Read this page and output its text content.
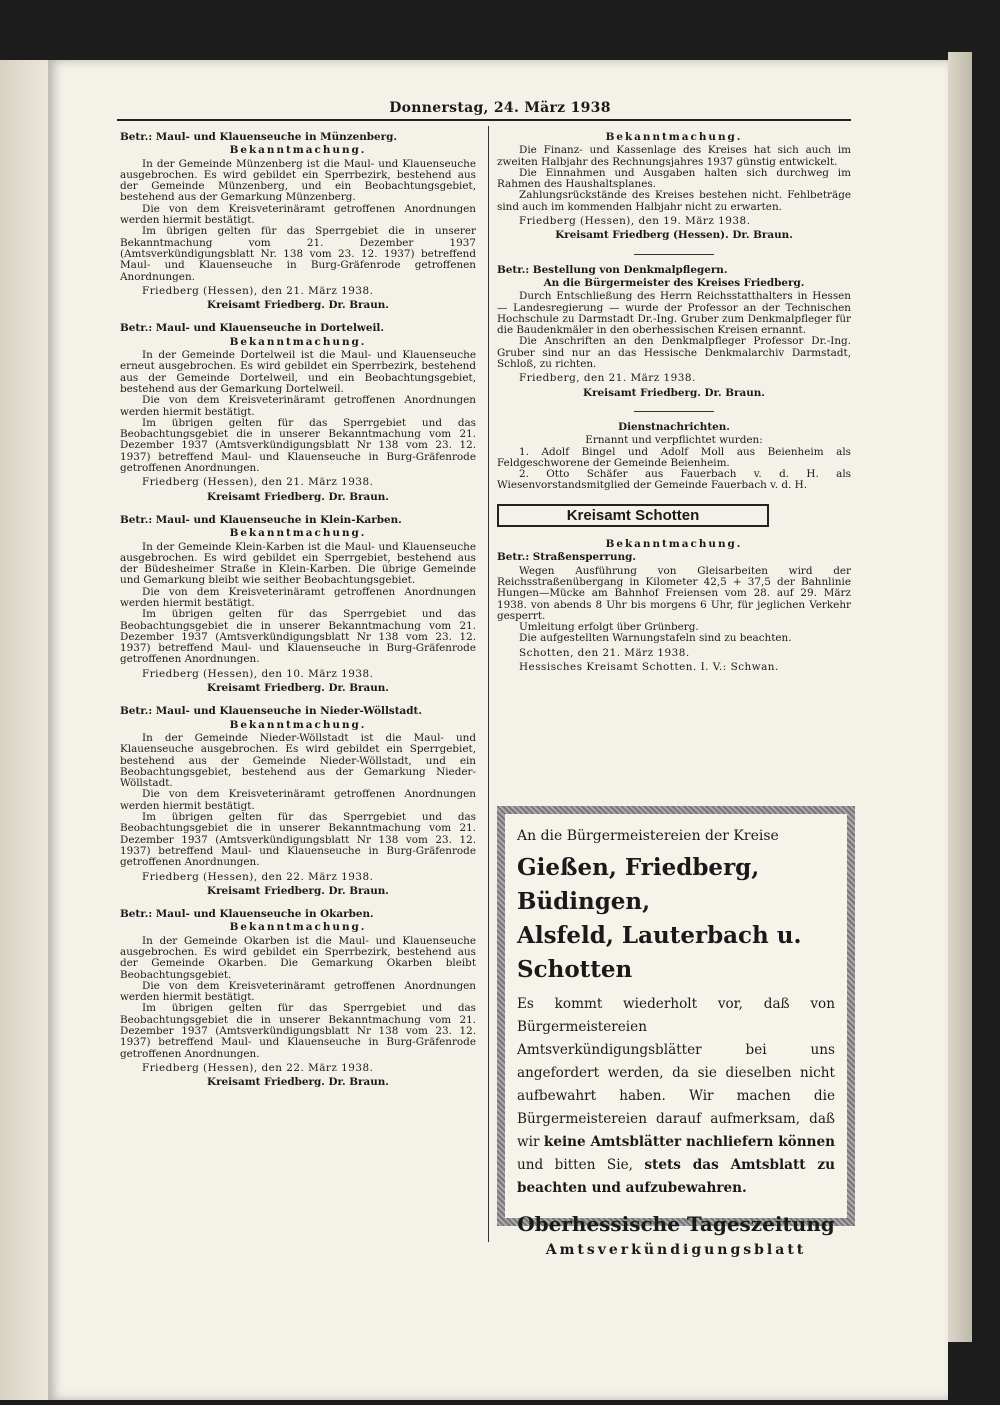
Donnerstag, 24. März 1938
Betr.: Maul- und Klauenseuche in Münzenberg.
Bekanntmachung.

In der Gemeinde Münzenberg ist die Maul- und Klauenseuche ausgebrochen. Es wird gebildet ein Sperrbezirk, bestehend aus der Gemeinde Münzenberg, und ein Beobachtungsgebiet, bestehend aus der Gemarkung Münzenberg.

Die von dem Kreisveterinäramt getroffenen Anordnungen werden hiermit bestätigt.

Im übrigen gelten für das Sperrgebiet die in unserer Bekanntmachung vom 21. Dezember 1937 (Amtsverkündigungsblatt Nr. 138 vom 23. 12. 1937) betreffend Maul- und Klauenseuche in Burg-Gräfenrode getroffenen Anordnungen.

Friedberg (Hessen), den 21. März 1938.
Kreisamt Friedberg. Dr. Braun.
Betr.: Maul- und Klauenseuche in Dortelweil.
Bekanntmachung.

In der Gemeinde Dortelweil ist die Maul- und Klauenseuche erneut ausgebrochen. Es wird gebildet ein Sperrbezirk, bestehend aus der Gemeinde Dortelweil, und ein Beobachtungsgebiet, bestehend aus der Gemarkung Dortelweil.

Die von dem Kreisveterinäramt getroffenen Anordnungen werden hiermit bestätigt.

Im übrigen gelten für das Sperrgebiet und das Beobachtungsgebiet die in unserer Bekanntmachung vom 21. Dezember 1937 (Amtsverkündigungsblatt Nr 138 vom 23. 12. 1937) betreffend Maul- und Klauenseuche in Burg-Gräfenrode getroffenen Anordnungen.

Friedberg (Hessen), den 21. März 1938.
Kreisamt Friedberg. Dr. Braun.
Betr.: Maul- und Klauenseuche in Klein-Karben.
Bekanntmachung.

In der Gemeinde Klein-Karben ist die Maul- und Klauenseuche ausgebrochen. Es wird gebildet ein Sperrgebiet, bestehend aus der Büdesheimer Straße in Klein-Karben. Die übrige Gemeinde und Gemarkung bleibt wie seither Beobachtungsgebiet.

Die von dem Kreisveterinäramt getroffenen Anordnungen werden hiermit bestätigt.

Im übrigen gelten für das Sperrgebiet und das Beobachtungsgebiet die in unserer Bekanntmachung vom 21. Dezember 1937 (Amtsverkündigungsblatt Nr 138 vom 23. 12. 1937) betreffend Maul- und Klauenseuche in Burg-Gräfenrode getroffenen Anordnungen.

Friedberg (Hessen), den 10. März 1938.
Kreisamt Friedberg. Dr. Braun.
Betr.: Maul- und Klauenseuche in Nieder-Wöllstadt.
Bekanntmachung.

In der Gemeinde Nieder-Wöllstadt ist die Maul- und Klauenseuche ausgebrochen. Es wird gebildet ein Sperrgebiet, bestehend aus der Gemeinde Nieder-Wöllstadt, und ein Beobachtungsgebiet, bestehend aus der Gemarkung Nieder-Wöllstadt.

Die von dem Kreisveterinäramt getroffenen Anordnungen werden hiermit bestätigt.

Im übrigen gelten für das Sperrgebiet und das Beobachtungsgebiet die in unserer Bekanntmachung vom 21. Dezember 1937 (Amtsverkündigungsblatt Nr 138 vom 23. 12. 1937) betreffend Maul- und Klauenseuche in Burg-Gräfenrode getroffenen Anordnungen.

Friedberg (Hessen), den 22. März 1938.
Kreisamt Friedberg. Dr. Braun.
Betr.: Maul- und Klauenseuche in Okarben.
Bekanntmachung.

In der Gemeinde Okarben ist die Maul- und Klauenseuche ausgebrochen. Es wird gebildet ein Sperrbezirk, bestehend aus der Gemeinde Okarben. Die Gemarkung Okarben bleibt Beobachtungsgebiet.

Die von dem Kreisveterinäramt getroffenen Anordnungen werden hiermit bestätigt.

Im übrigen gelten für das Sperrgebiet und das Beobachtungsgebiet die in unserer Bekanntmachung vom 21. Dezember 1937 (Amtsverkündigungsblatt Nr 138 vom 23. 12. 1937) betreffend Maul- und Klauenseuche in Burg-Gräfenrode getroffenen Anordnungen.

Friedberg (Hessen), den 22. März 1938.
Kreisamt Friedberg. Dr. Braun.
Bekanntmachung.

Die Finanz- und Kassenlage des Kreises hat sich auch im zweiten Halbjahr des Rechnungsjahres 1937 günstig entwickelt.

Die Einnahmen und Ausgaben halten sich durchweg im Rahmen des Haushaltsplanes.

Zahlungsrückstände des Kreises bestehen nicht. Fehlbeträge sind auch im kommenden Halbjahr nicht zu erwarten.

Friedberg (Hessen), den 19. März 1938.
Kreisamt Friedberg (Hessen). Dr. Braun.
Betr.: Bestellung von Denkmalpflegern.
An die Bürgermeister des Kreises Friedberg.

Durch Entschließung des Herrn Reichsstatthalters in Hessen — Landesregierung — wurde der Professor an der Technischen Hochschule zu Darmstadt Dr.-Ing. Gruber zum Denkmalpfleger für die Baudenkmäler in den oberhessischen Kreisen ernannt.

Die Anschriften an den Denkmalpfleger Professor Dr.-Ing. Gruber sind nur an das Hessische Denkmalarchiv Darmstadt, Schloß, zu richten.

Friedberg, den 21. März 1938.
Kreisamt Friedberg. Dr. Braun.
Dienstnachrichten.
Ernannt und verpflichtet wurden:

1. Adolf Bingel und Adolf Moll aus Beienheim als Feldgeschworene der Gemeinde Beienheim.

2. Otto Schäfer aus Fauerbach v. d. H. als Wiesenvorstandsmitglied der Gemeinde Fauerbach v. d. H.

Kreisamt Schotten
Bekanntmachung.
Betr.: Straßensperrung.

Wegen Ausführung von Gleisarbeiten wird der Reichsstraßenübergang in Kilometer 42,5 + 37,5 der Bahnlinie Hungen—Mücke am Bahnhof Freiensen vom 28. auf 29. März 1938. von abends 8 Uhr bis morgens 6 Uhr, für jeglichen Verkehr gesperrt.

Umleitung erfolgt über Grünberg.

Die aufgestellten Warnungstafeln sind zu beachten.

Schotten, den 21. März 1938.
Hessisches Kreisamt Schotten. I. V.: Schwan.
An die Bürgermeistereien der Kreise
Gießen, Friedberg, Büdingen,
Alsfeld, Lauterbach u. Schotten
Es kommt wiederholt vor, daß von Bürgermeistereien Amtsverkündigungsblätter bei uns angefordert werden, da sie dieselben nicht aufbewahrt haben. Wir machen die Bürgermeistereien darauf aufmerksam, daß wir keine Amtsblätter nachliefern können und bitten Sie, stets das Amtsblatt zu beachten und aufzubewahren.
Oberhessische Tageszeitung
Amtsverkündigungsblatt
